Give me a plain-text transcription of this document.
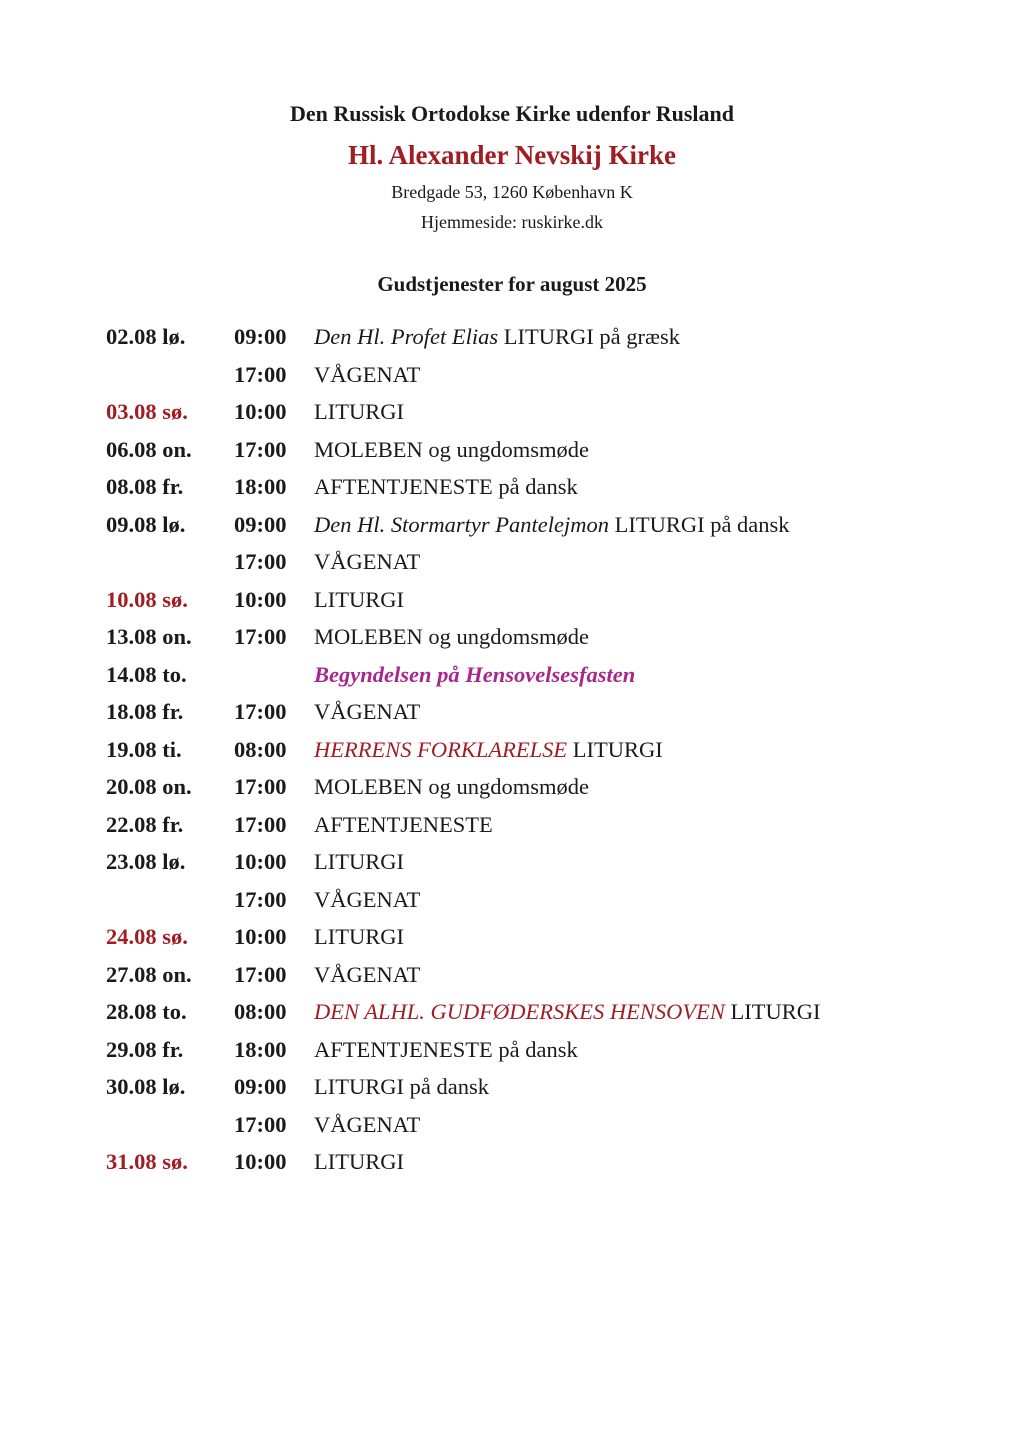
Den Russisk Ortodokse Kirke udenfor Rusland
Hl. Alexander Nevskij Kirke
Bredgade 53, 1260 København K
Hjemmeside: ruskirke.dk
Gudstjenester for august 2025
02.08 lø. 09:00 Den Hl. Profet Elias LITURGI på græsk
17:00 VÅGENAT
03.08 sø. 10:00 LITURGI
06.08 on. 17:00 MOLEBEN og ungdomsmøde
08.08 fr. 18:00 AFTENTJENESTE på dansk
09.08 lø. 09:00 Den Hl. Stormartyr Pantelejmon LITURGI på dansk
17:00 VÅGENAT
10.08 sø. 10:00 LITURGI
13.08 on. 17:00 MOLEBEN og ungdomsmøde
14.08 to.	Begyndelsen på Hensovelsesfasten
18.08 fr. 17:00 VÅGENAT
19.08 ti. 08:00 HERRENS FORKLARELSE LITURGI
20.08 on. 17:00 MOLEBEN og ungdomsmøde
22.08 fr. 17:00 AFTENTJENESTE
23.08 lø. 10:00 LITURGI
17:00 VÅGENAT
24.08 sø. 10:00 LITURGI
27.08 on. 17:00 VÅGENAT
28.08 to. 08:00 DEN ALHL. GUDFØDERSKES HENSOVEN LITURGI
29.08 fr. 18:00 AFTENTJENESTE på dansk
30.08 lø. 09:00 LITURGI på dansk
17:00 VÅGENAT
31.08 sø. 10:00 LITURGI
